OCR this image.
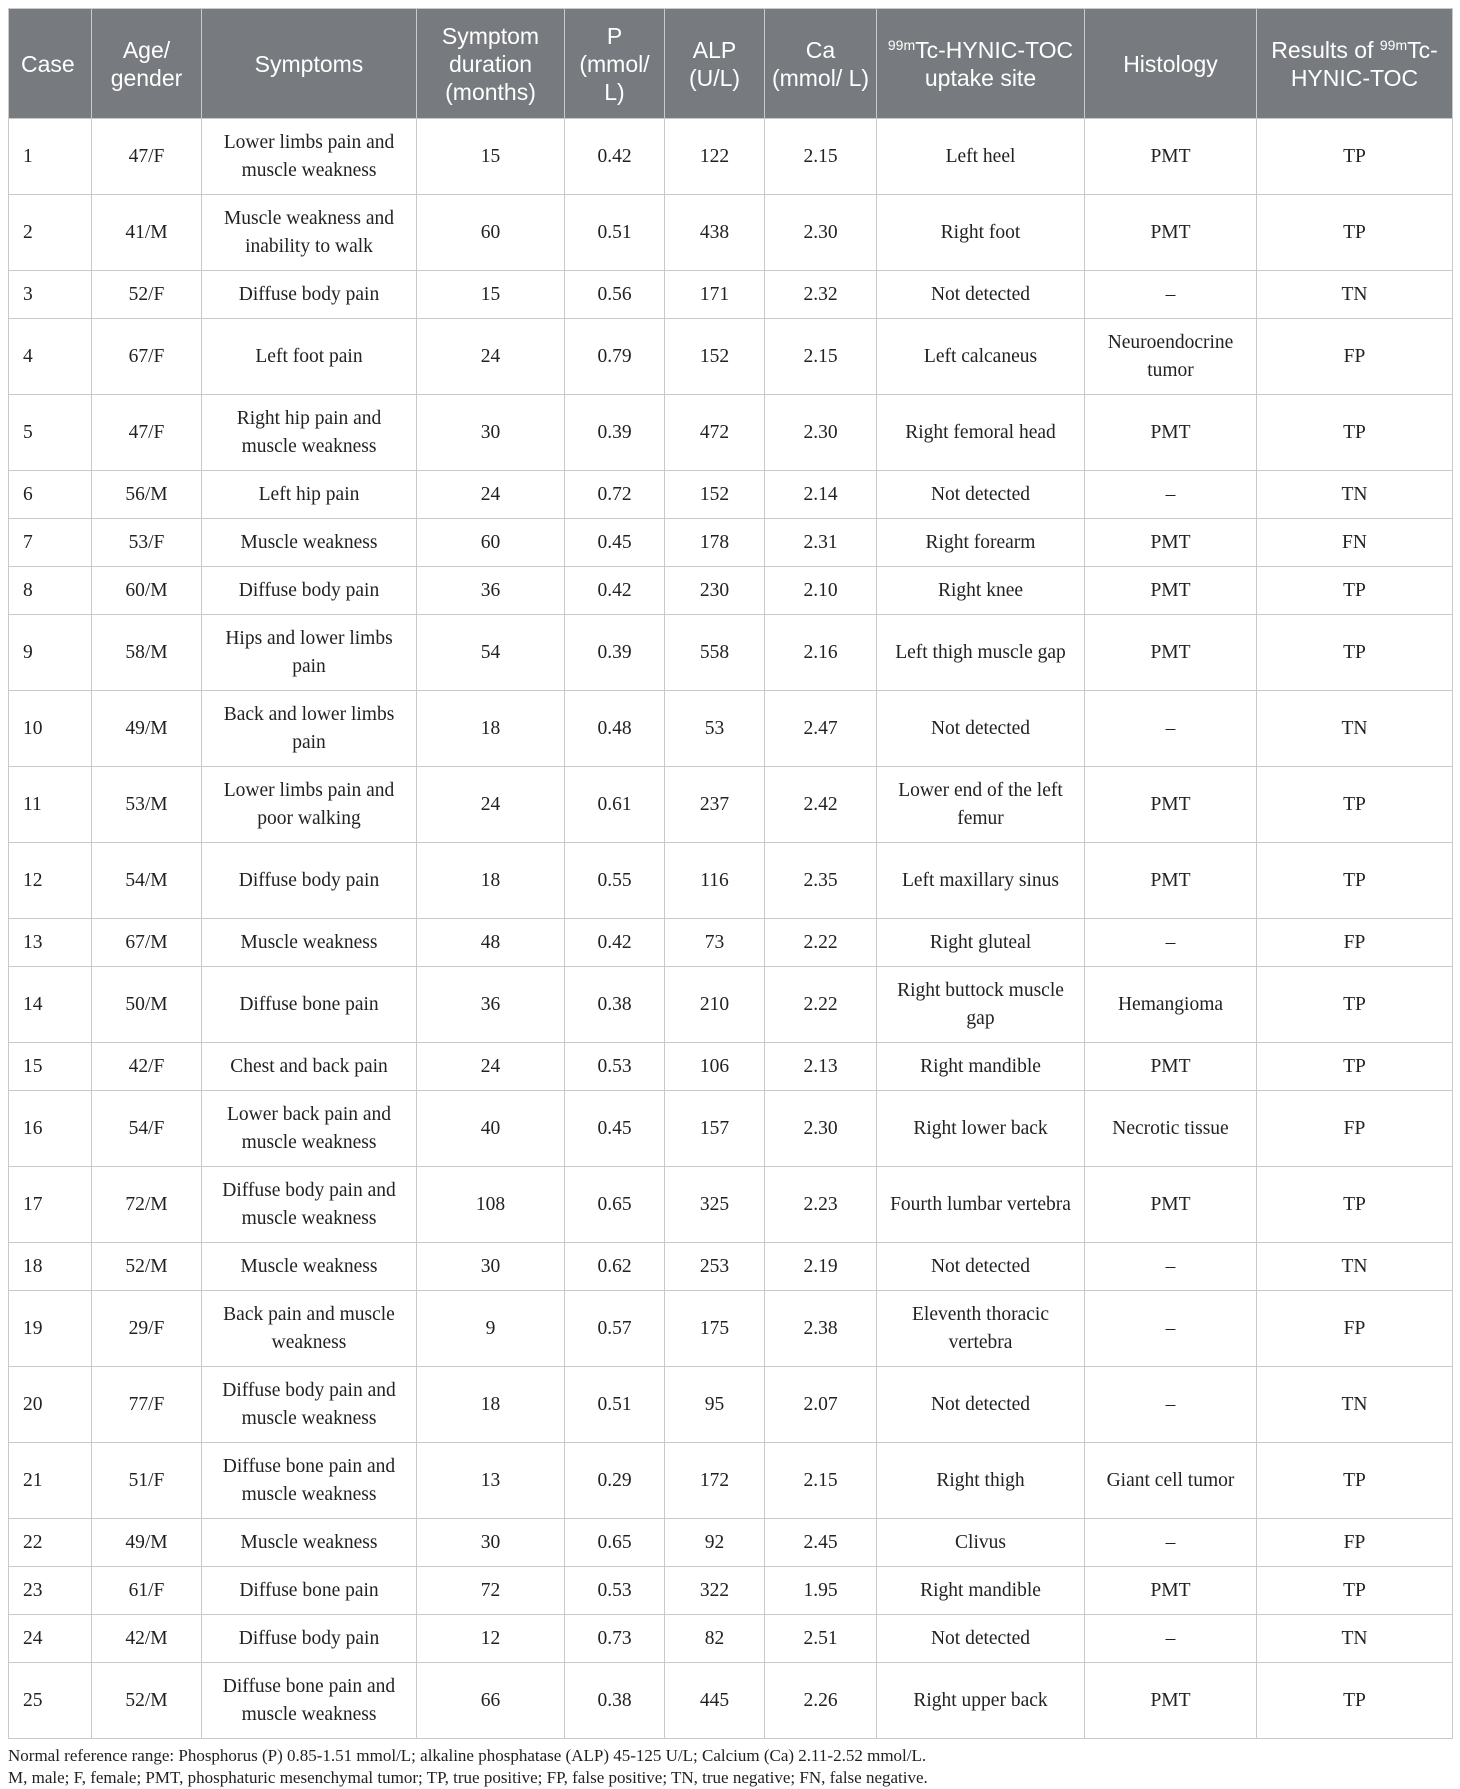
Case	Age/ gender	Symptoms	Symptom duration (months)	P (mmol/ L)	ALP (U/L)	Ca (mmol/ L)	$^{99m}$Tc-HYNIC-TOC uptake site	Histology	Results of $^{99m}$Tc-HYNIC-TOC
1	47/F	Lower limbs pain and muscle weakness	15	0.42	122	2.15	Left heel	PMT	TP
2	41/M	Muscle weakness and inability to walk	60	0.51	438	2.30	Right foot	PMT	TP
3	52/F	Diffuse body pain	15	0.56	171	2.32	Not detected	–	TN
4	67/F	Left foot pain	24	0.79	152	2.15	Left calcaneus	Neuroendocrine tumor	FP
5	47/F	Right hip pain and muscle weakness	30	0.39	472	2.30	Right femoral head	PMT	TP
6	56/M	Left hip pain	24	0.72	152	2.14	Not detected	–	TN
7	53/F	Muscle weakness	60	0.45	178	2.31	Right forearm	PMT	FN
8	60/M	Diffuse body pain	36	0.42	230	2.10	Right knee	PMT	TP
9	58/M	Hips and lower limbs pain	54	0.39	558	2.16	Left thigh muscle gap	PMT	TP
10	49/M	Back and lower limbs pain	18	0.48	53	2.47	Not detected	–	TN
11	53/M	Lower limbs pain and poor walking	24	0.61	237	2.42	Lower end of the left femur	PMT	TP
12	54/M	Diffuse body pain	18	0.55	116	2.35	Left maxillary sinus	PMT	TP
13	67/M	Muscle weakness	48	0.42	73	2.22	Right gluteal	–	FP
14	50/M	Diffuse bone pain	36	0.38	210	2.22	Right buttock muscle gap	Hemangioma	TP
15	42/F	Chest and back pain	24	0.53	106	2.13	Right mandible	PMT	TP
16	54/F	Lower back pain and muscle weakness	40	0.45	157	2.30	Right lower back	Necrotic tissue	FP
17	72/M	Diffuse body pain and muscle weakness	108	0.65	325	2.23	Fourth lumbar vertebra	PMT	TP
18	52/M	Muscle weakness	30	0.62	253	2.19	Not detected	–	TN
19	29/F	Back pain and muscle weakness	9	0.57	175	2.38	Eleventh thoracic vertebra	–	FP
20	77/F	Diffuse body pain and muscle weakness	18	0.51	95	2.07	Not detected	–	TN
21	51/F	Diffuse bone pain and muscle weakness	13	0.29	172	2.15	Right thigh	Giant cell tumor	TP
22	49/M	Muscle weakness	30	0.65	92	2.45	Clivus	–	FP
23	61/F	Diffuse bone pain	72	0.53	322	1.95	Right mandible	PMT	TP
24	42/M	Diffuse body pain	12	0.73	82	2.51	Not detected	–	TN
25	52/M	Diffuse bone pain and muscle weakness	66	0.38	445	2.26	Right upper back	PMT	TP
Normal reference range: Phosphorus (P) 0.85-1.51 mmol/L; alkaline phosphatase (ALP) 45-125 U/L; Calcium (Ca) 2.11-2.52 mmol/L.
M, male; F, female; PMT, phosphaturic mesenchymal tumor; TP, true positive; FP, false positive; TN, true negative; FN, false negative.
